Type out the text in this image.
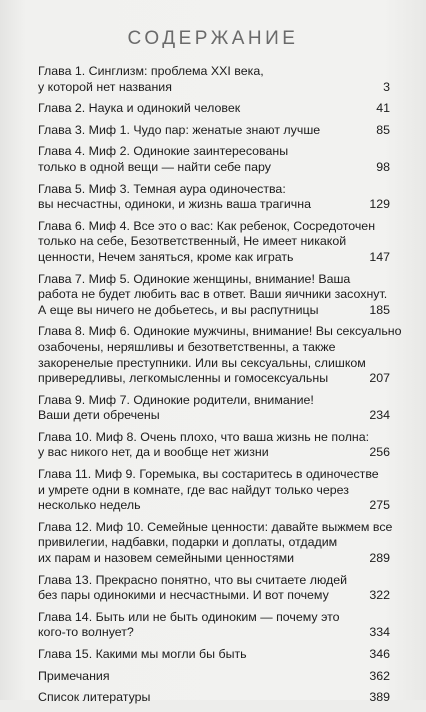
СОДЕРЖАНИЕ
Глава 1. Синглизм: проблема XXI века,
у которой нет названия	3
Глава 2. Наука и одинокий человек	41
Глава 3. Миф 1. Чудо пар: женатые знают лучше	85
Глава 4. Миф 2. Одинокие заинтересованы
только в одной вещи — найти себе пару	98
Глава 5. Миф 3. Темная аура одиночества:
вы несчастны, одиноки, и жизнь ваша трагична	129
Глава 6. Миф 4. Все это о вас: Как ребенок, Сосредоточен
только на себе, Безответственный, Не имеет никакой
ценности, Нечем заняться, кроме как играть	147
Глава 7. Миф 5. Одинокие женщины, внимание! Ваша
работа не будет любить вас в ответ. Ваши яичники засохнут.
А еще вы ничего не добьетесь, и вы распутницы	185
Глава 8. Миф 6. Одинокие мужчины, внимание! Вы сексуально
озабочены, неряшливы и безответственны, а также
закоренелые преступники. Или вы сексуальны, слишком
привередливы, легкомысленны и гомосексуальны	207
Глава 9. Миф 7. Одинокие родители, внимание!
Ваши дети обречены	234
Глава 10. Миф 8. Очень плохо, что ваша жизнь не полна:
у вас никого нет, да и вообще нет жизни	256
Глава 11. Миф 9. Горемыка, вы состаритесь в одиночестве
и умрете одни в комнате, где вас найдут только через
несколько недель	275
Глава 12. Миф 10. Семейные ценности: давайте выжмем все
привилегии, надбавки, подарки и доплаты, отдадим
их парам и назовем семейными ценностями	289
Глава 13. Прекрасно понятно, что вы считаете людей
без пары одинокими и несчастными. И вот почему	322
Глава 14. Быть или не быть одиноким — почему это
кого-то волнует?	334
Глава 15. Какими мы могли бы быть	346
Примечания	362
Список литературы	389
